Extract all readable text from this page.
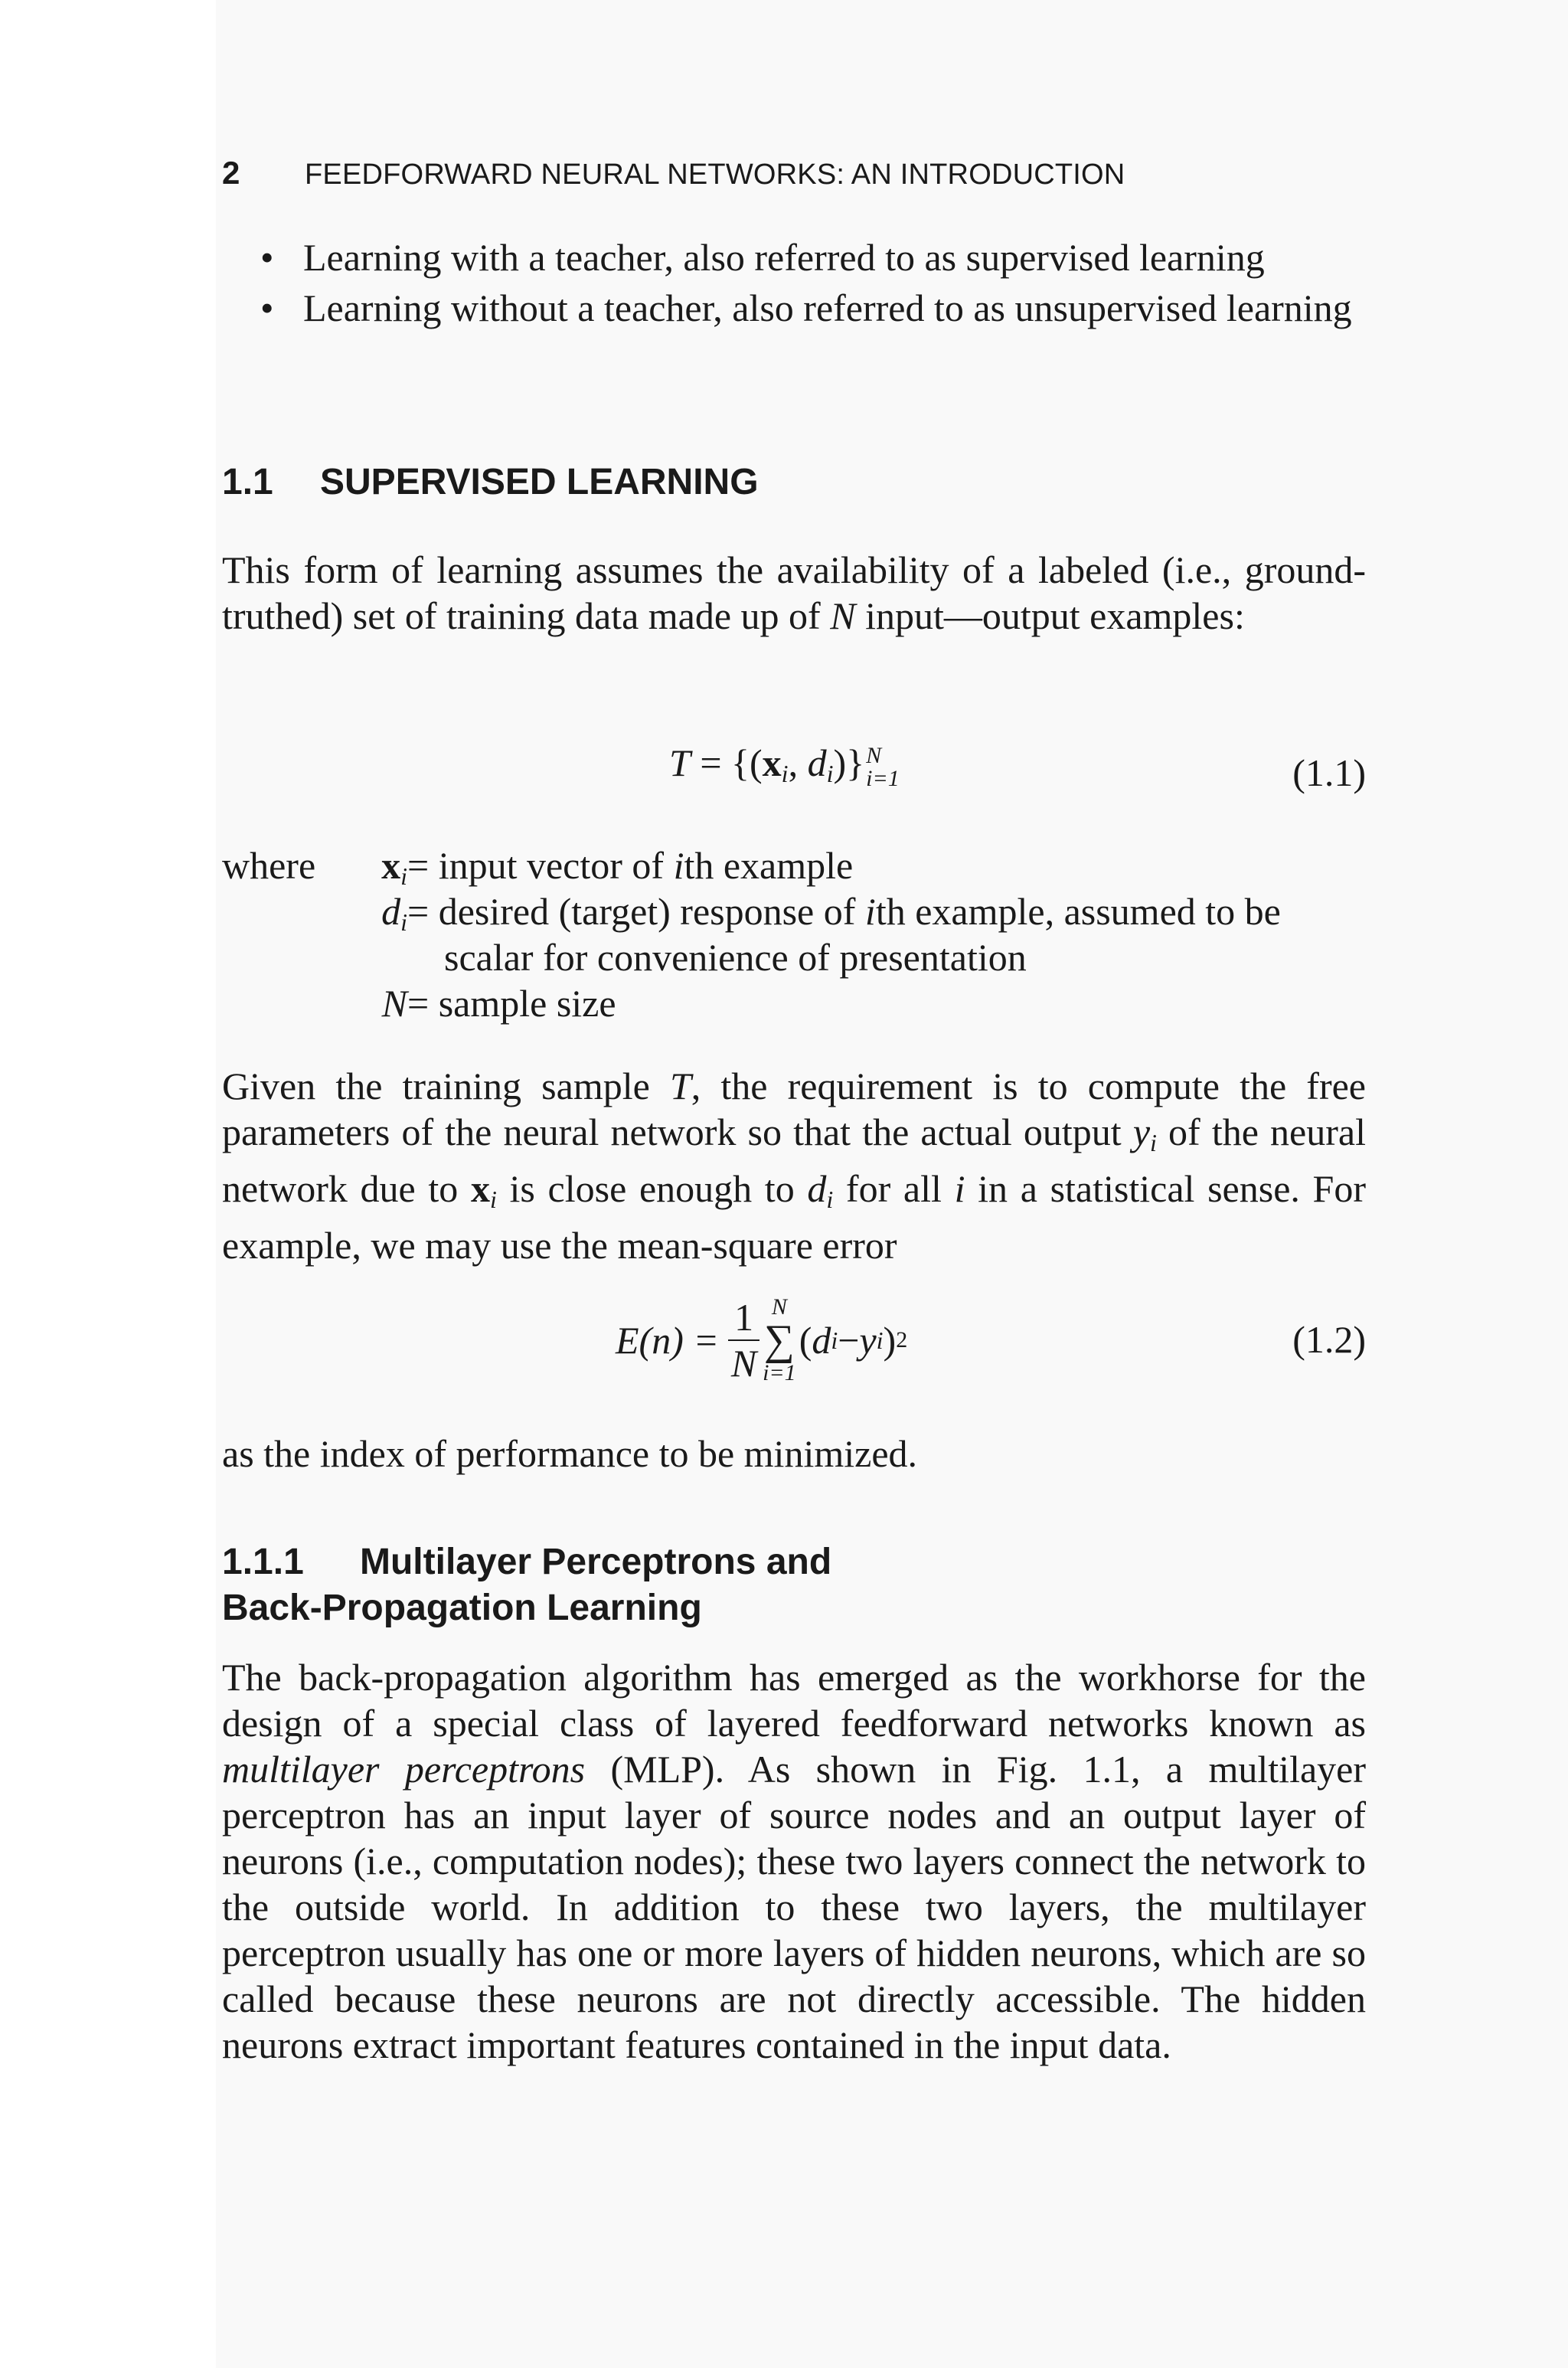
2 FEEDFORWARD NEURAL NETWORKS: AN INTRODUCTION
• Learning with a teacher, also referred to as supervised learning
• Learning without a teacher, also referred to as unsupervised learning
1.1 SUPERVISED LEARNING
This form of learning assumes the availability of a labeled (i.e., ground-truthed) set of training data made up of N input—output examples:
$T = \{(x_i$, $d_i$)} N
i=1	(1.1)
where	$x_i$ = input vector of ith example
$d_i$ = desired (target) response of ith example, assumed to be
scalar for convenience of presentation
N = sample size
Given the training sample T, the requirement is to compute the free parameters of the neural network so that the actual output $y_i$ of the neural network due to $x_i$ is close enough to $d_i$ for all i in a statistical sense. For example, we may use the mean-square error
$E(n) = \frac{1}{N}$ N
∑
i=1
( d i − y i ) 2	(1.2)
as the index of performance to be minimized.
1.1.1 Multilayer Perceptrons and
Back-Propagation Learning
The back-propagation algorithm has emerged as the workhorse for the design of a special class of layered feedforward networks known as multilayer perceptrons (MLP). As shown in Fig. 1.1, a multilayer perceptron has an input layer of source nodes and an output layer of neurons (i.e., computation nodes); these two layers connect the network to the outside world. In addition to these two layers, the multilayer perceptron usually has one or more layers of hidden neurons, which are so called because these neurons are not directly accessible. The hidden neurons extract important features contained in the input data.
